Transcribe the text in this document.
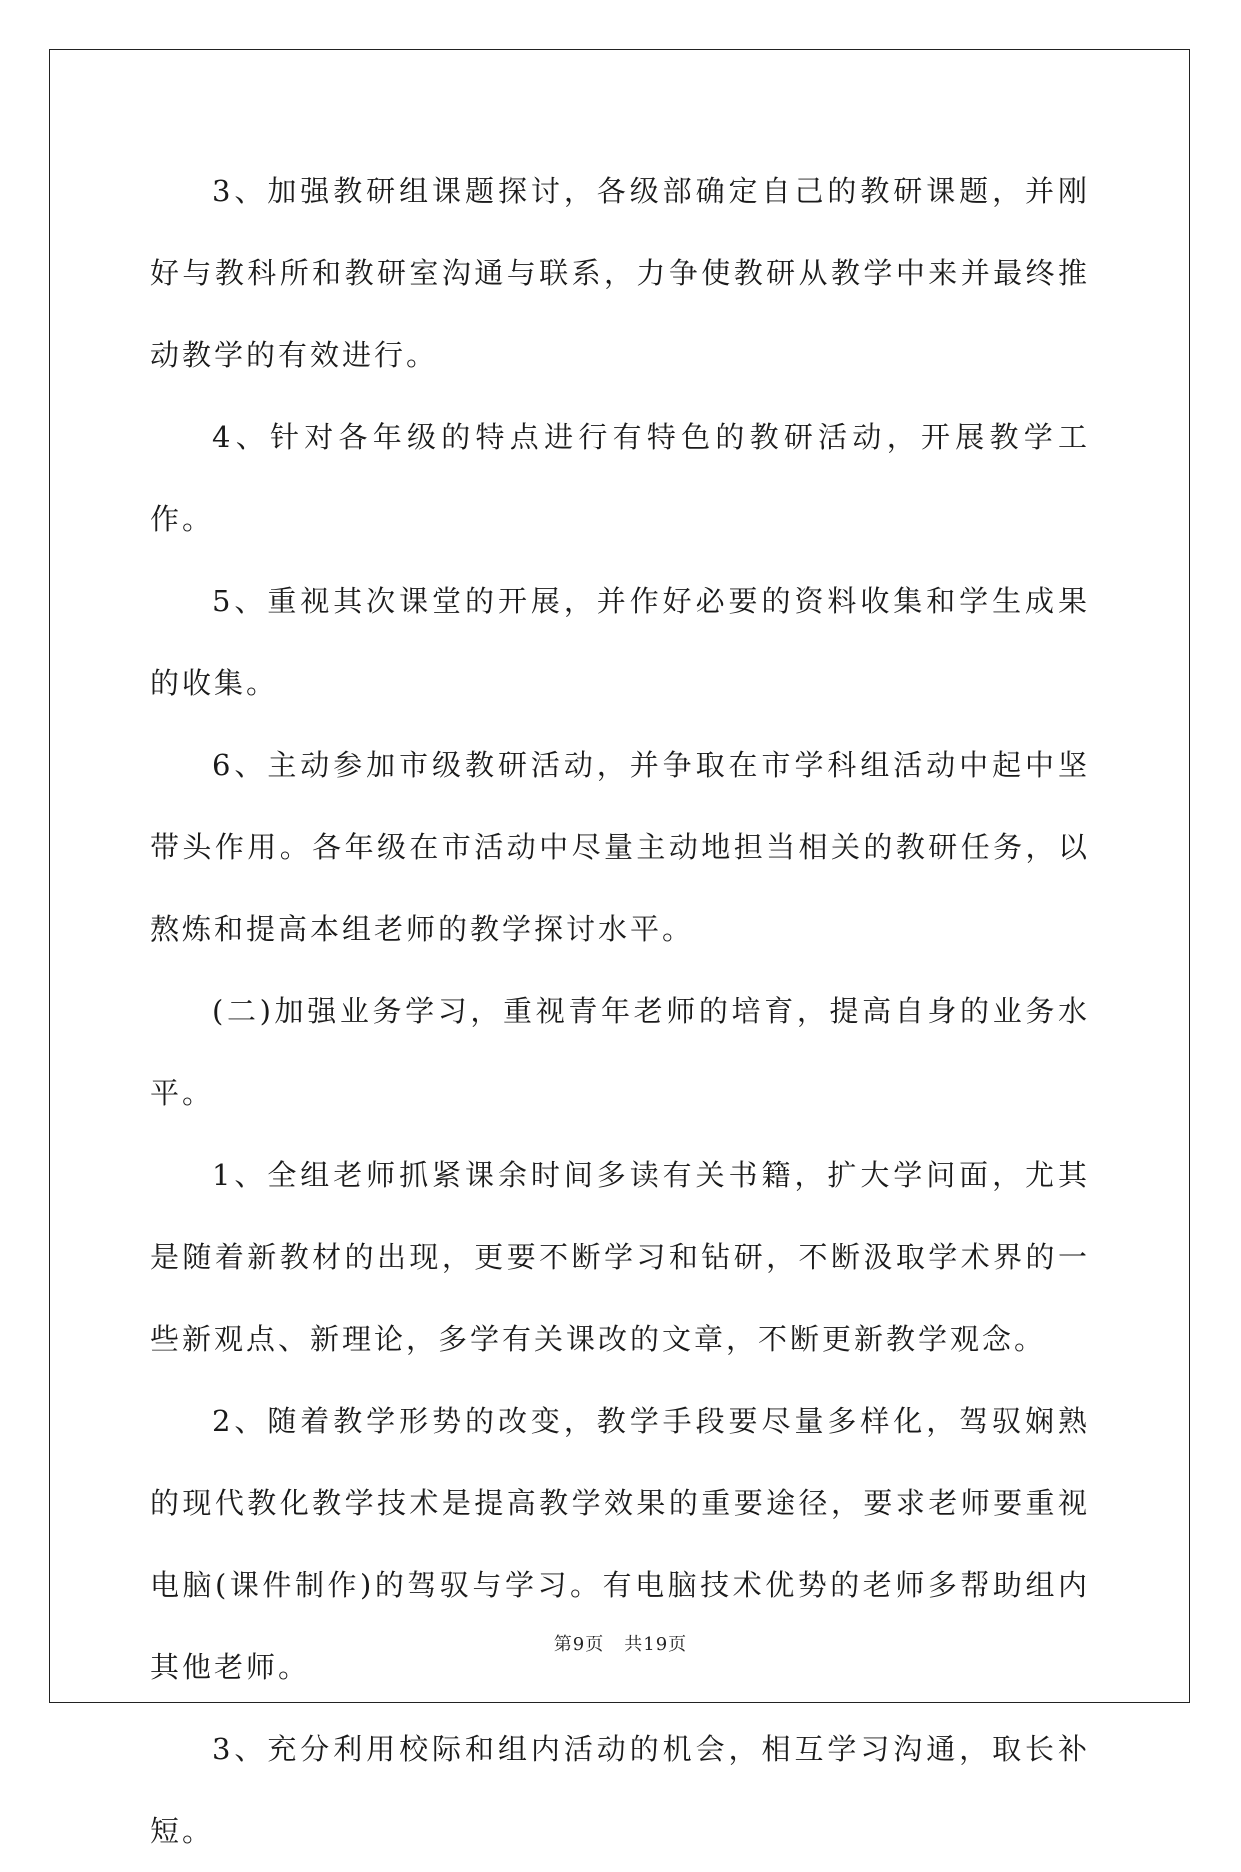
3、加强教研组课题探讨，各级部确定自己的教研课题，并刚好与教科所和教研室沟通与联系，力争使教研从教学中来并最终推动教学的有效进行。

4、针对各年级的特点进行有特色的教研活动，开展教学工作。

5、重视其次课堂的开展，并作好必要的资料收集和学生成果的收集。

6、主动参加市级教研活动，并争取在市学科组活动中起中坚带头作用。各年级在市活动中尽量主动地担当相关的教研任务，以熬炼和提高本组老师的教学探讨水平。

(二)加强业务学习，重视青年老师的培育，提高自身的业务水平。

1、全组老师抓紧课余时间多读有关书籍，扩大学问面，尤其是随着新教材的出现，更要不断学习和钻研，不断汲取学术界的一些新观点、新理论，多学有关课改的文章，不断更新教学观念。

2、随着教学形势的改变，教学手段要尽量多样化，驾驭娴熟的现代教化教学技术是提高教学效果的重要途径，要求老师要重视电脑(课件制作)的驾驭与学习。有电脑技术优势的老师多帮助组内其他老师。

3、充分利用校际和组内活动的机会，相互学习沟通，取长补短。

第9页 共19页
